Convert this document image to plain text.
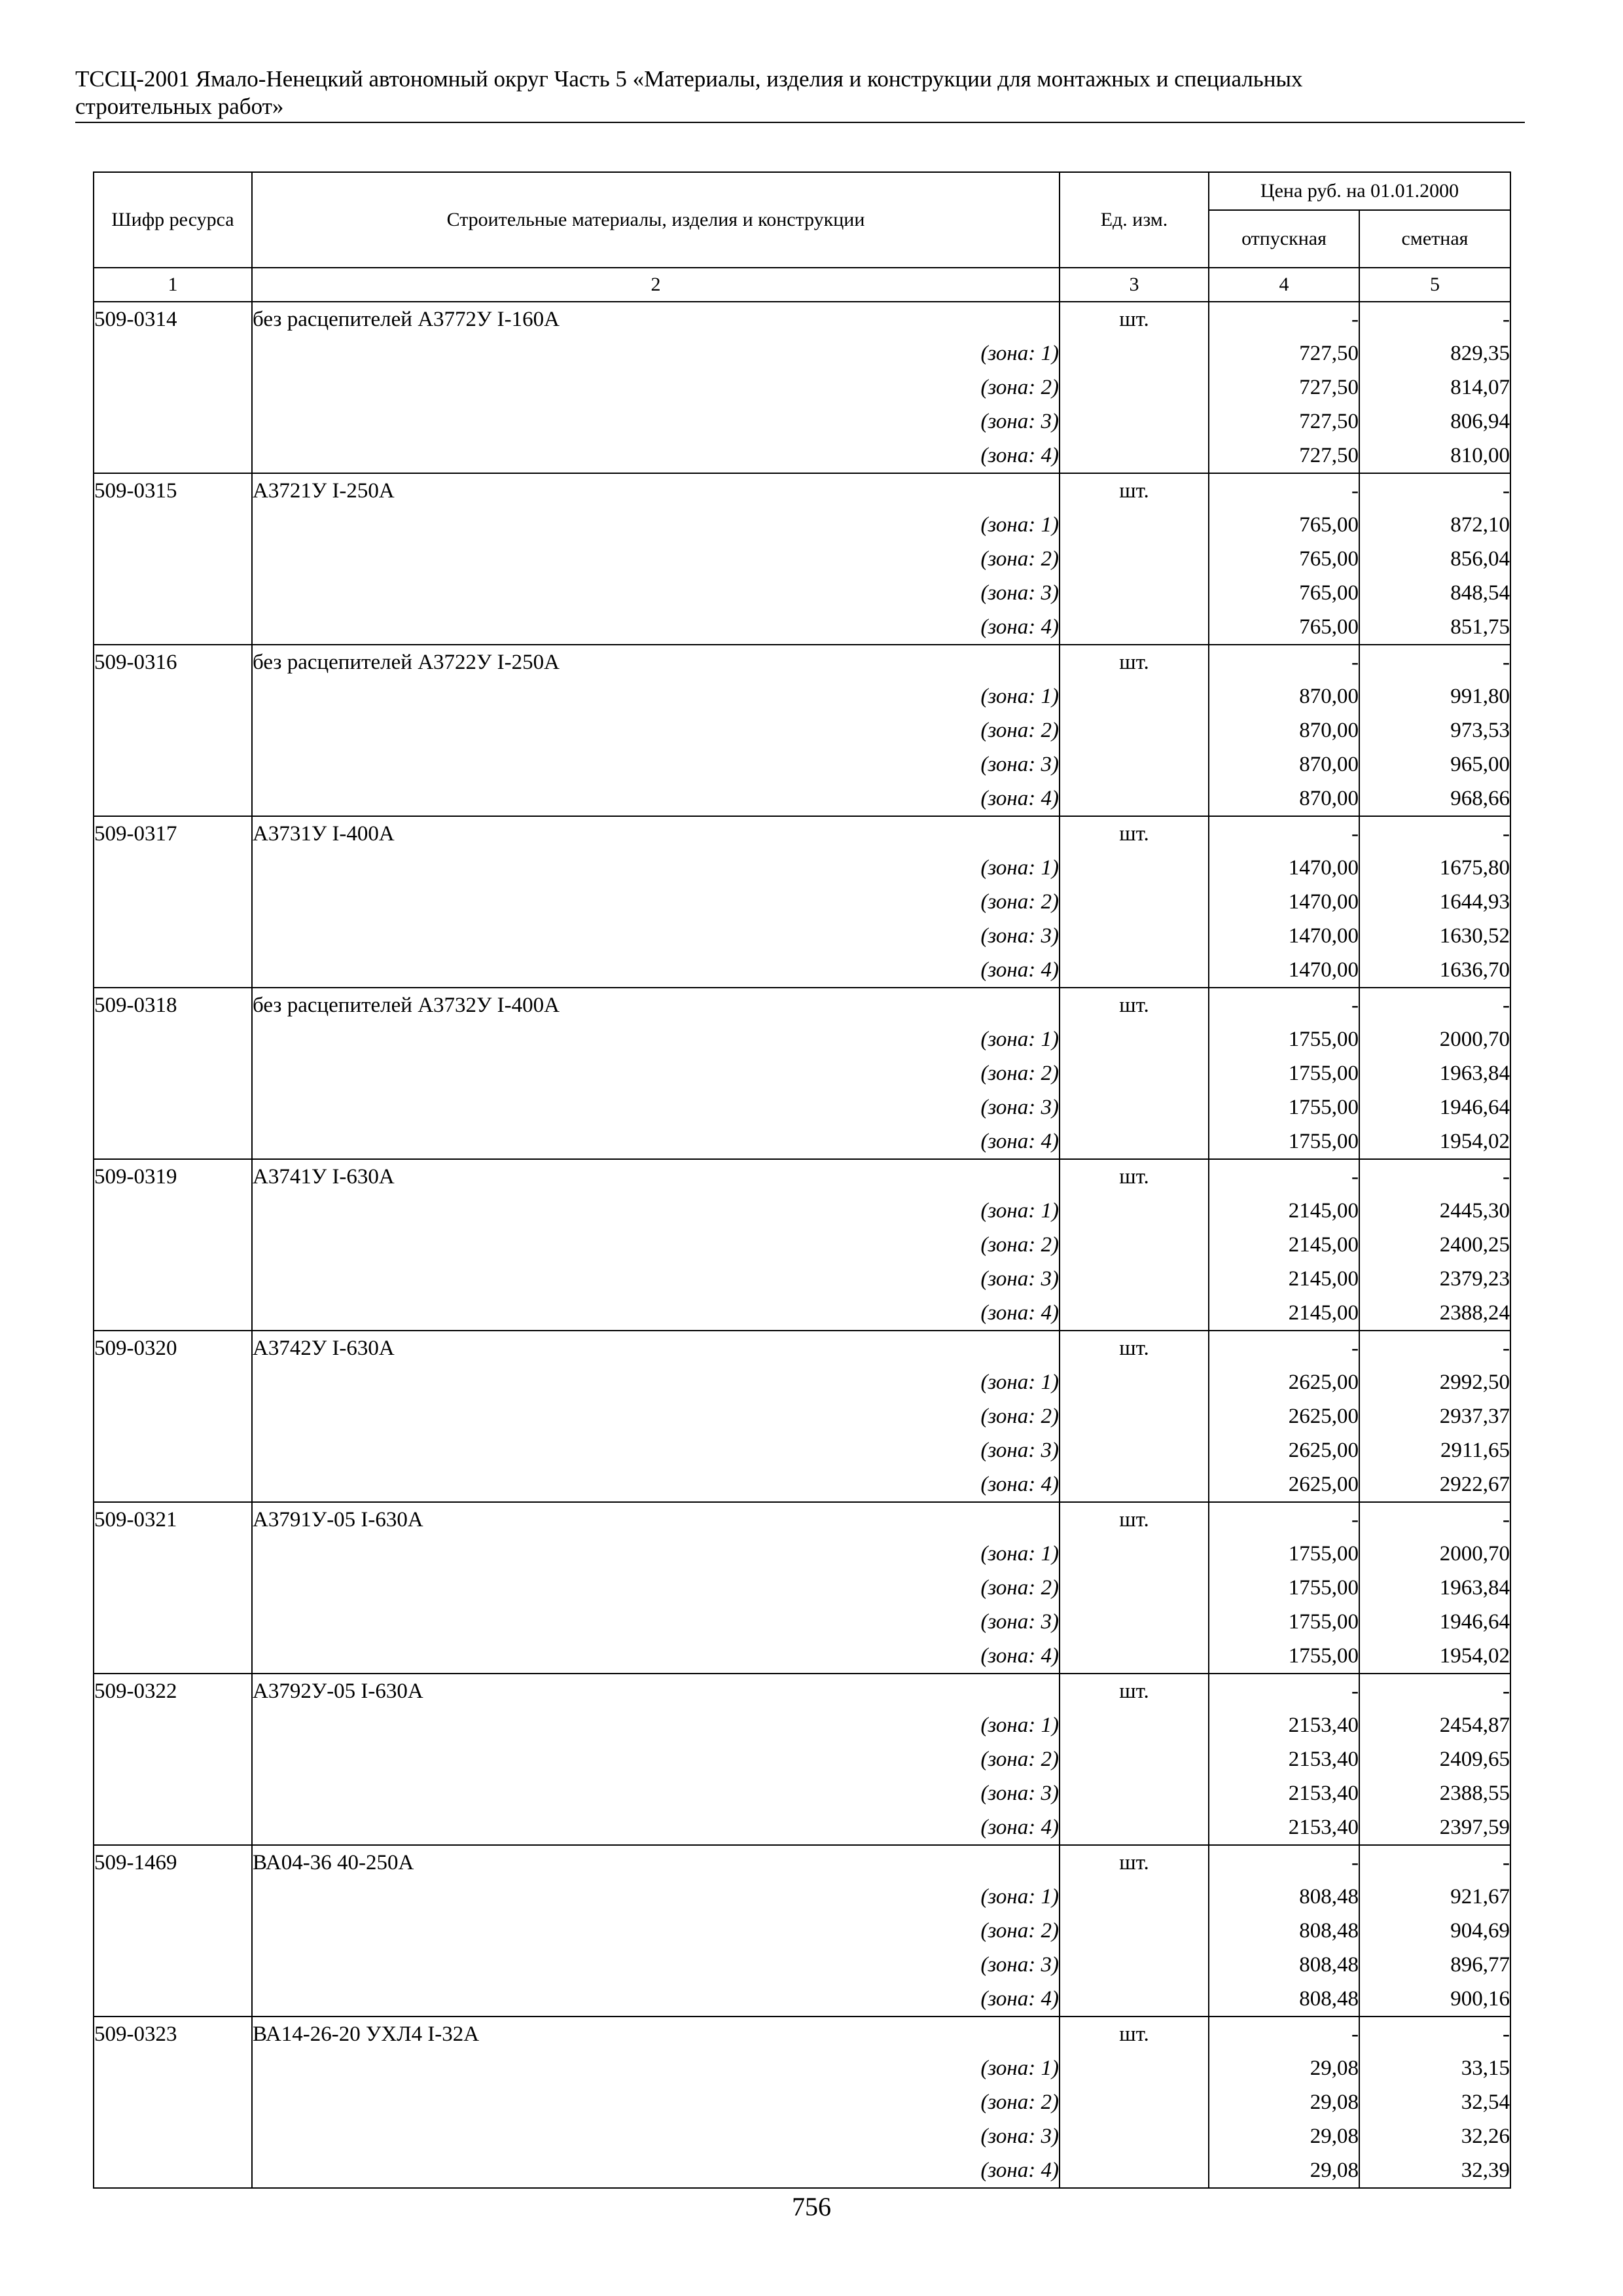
ТССЦ-2001 Ямало-Ненецкий автономный округ Часть 5 «Материалы, изделия и конструкции для монтажных и специальных
строительных работ»
Шифр ресурса	Строительные материалы, изделия и конструкции	Ед. изм.	Цена руб. на 01.01.2000	
			отпускная	сметная
1	2	3	4	5
509-0314	без расцепителей А3772У I-160А	шт.	-	-
	(зона: 1)		727,50	829,35
	(зона: 2)		727,50	814,07
	(зона: 3)		727,50	806,94
	(зона: 4)		727,50	810,00
509-0315	А3721У I-250А	шт.	-	-
	(зона: 1)		765,00	872,10
	(зона: 2)		765,00	856,04
	(зона: 3)		765,00	848,54
	(зона: 4)		765,00	851,75
509-0316	без расцепителей А3722У I-250А	шт.	-	-
	(зона: 1)		870,00	991,80
	(зона: 2)		870,00	973,53
	(зона: 3)		870,00	965,00
	(зона: 4)		870,00	968,66
509-0317	А3731У I-400А	шт.	-	-
	(зона: 1)		1470,00	1675,80
	(зона: 2)		1470,00	1644,93
	(зона: 3)		1470,00	1630,52
	(зона: 4)		1470,00	1636,70
509-0318	без расцепителей А3732У I-400А	шт.	-	-
	(зона: 1)		1755,00	2000,70
	(зона: 2)		1755,00	1963,84
	(зона: 3)		1755,00	1946,64
	(зона: 4)		1755,00	1954,02
509-0319	А3741У I-630А	шт.	-	-
	(зона: 1)		2145,00	2445,30
	(зона: 2)		2145,00	2400,25
	(зона: 3)		2145,00	2379,23
	(зона: 4)		2145,00	2388,24
509-0320	А3742У I-630А	шт.	-	-
	(зона: 1)		2625,00	2992,50
	(зона: 2)		2625,00	2937,37
	(зона: 3)		2625,00	2911,65
	(зона: 4)		2625,00	2922,67
509-0321	А3791У-05 I-630А	шт.	-	-
	(зона: 1)		1755,00	2000,70
	(зона: 2)		1755,00	1963,84
	(зона: 3)		1755,00	1946,64
	(зона: 4)		1755,00	1954,02
509-0322	А3792У-05 I-630А	шт.	-	-
	(зона: 1)		2153,40	2454,87
	(зона: 2)		2153,40	2409,65
	(зона: 3)		2153,40	2388,55
	(зона: 4)		2153,40	2397,59
509-1469	ВА04-36 40-250А	шт.	-	-
	(зона: 1)		808,48	921,67
	(зона: 2)		808,48	904,69
	(зона: 3)		808,48	896,77
	(зона: 4)		808,48	900,16
509-0323	ВА14-26-20 УХЛ4 I-32А	шт.	-	-
	(зона: 1)		29,08	33,15
	(зона: 2)		29,08	32,54
	(зона: 3)		29,08	32,26
	(зона: 4)		29,08	32,39
756
